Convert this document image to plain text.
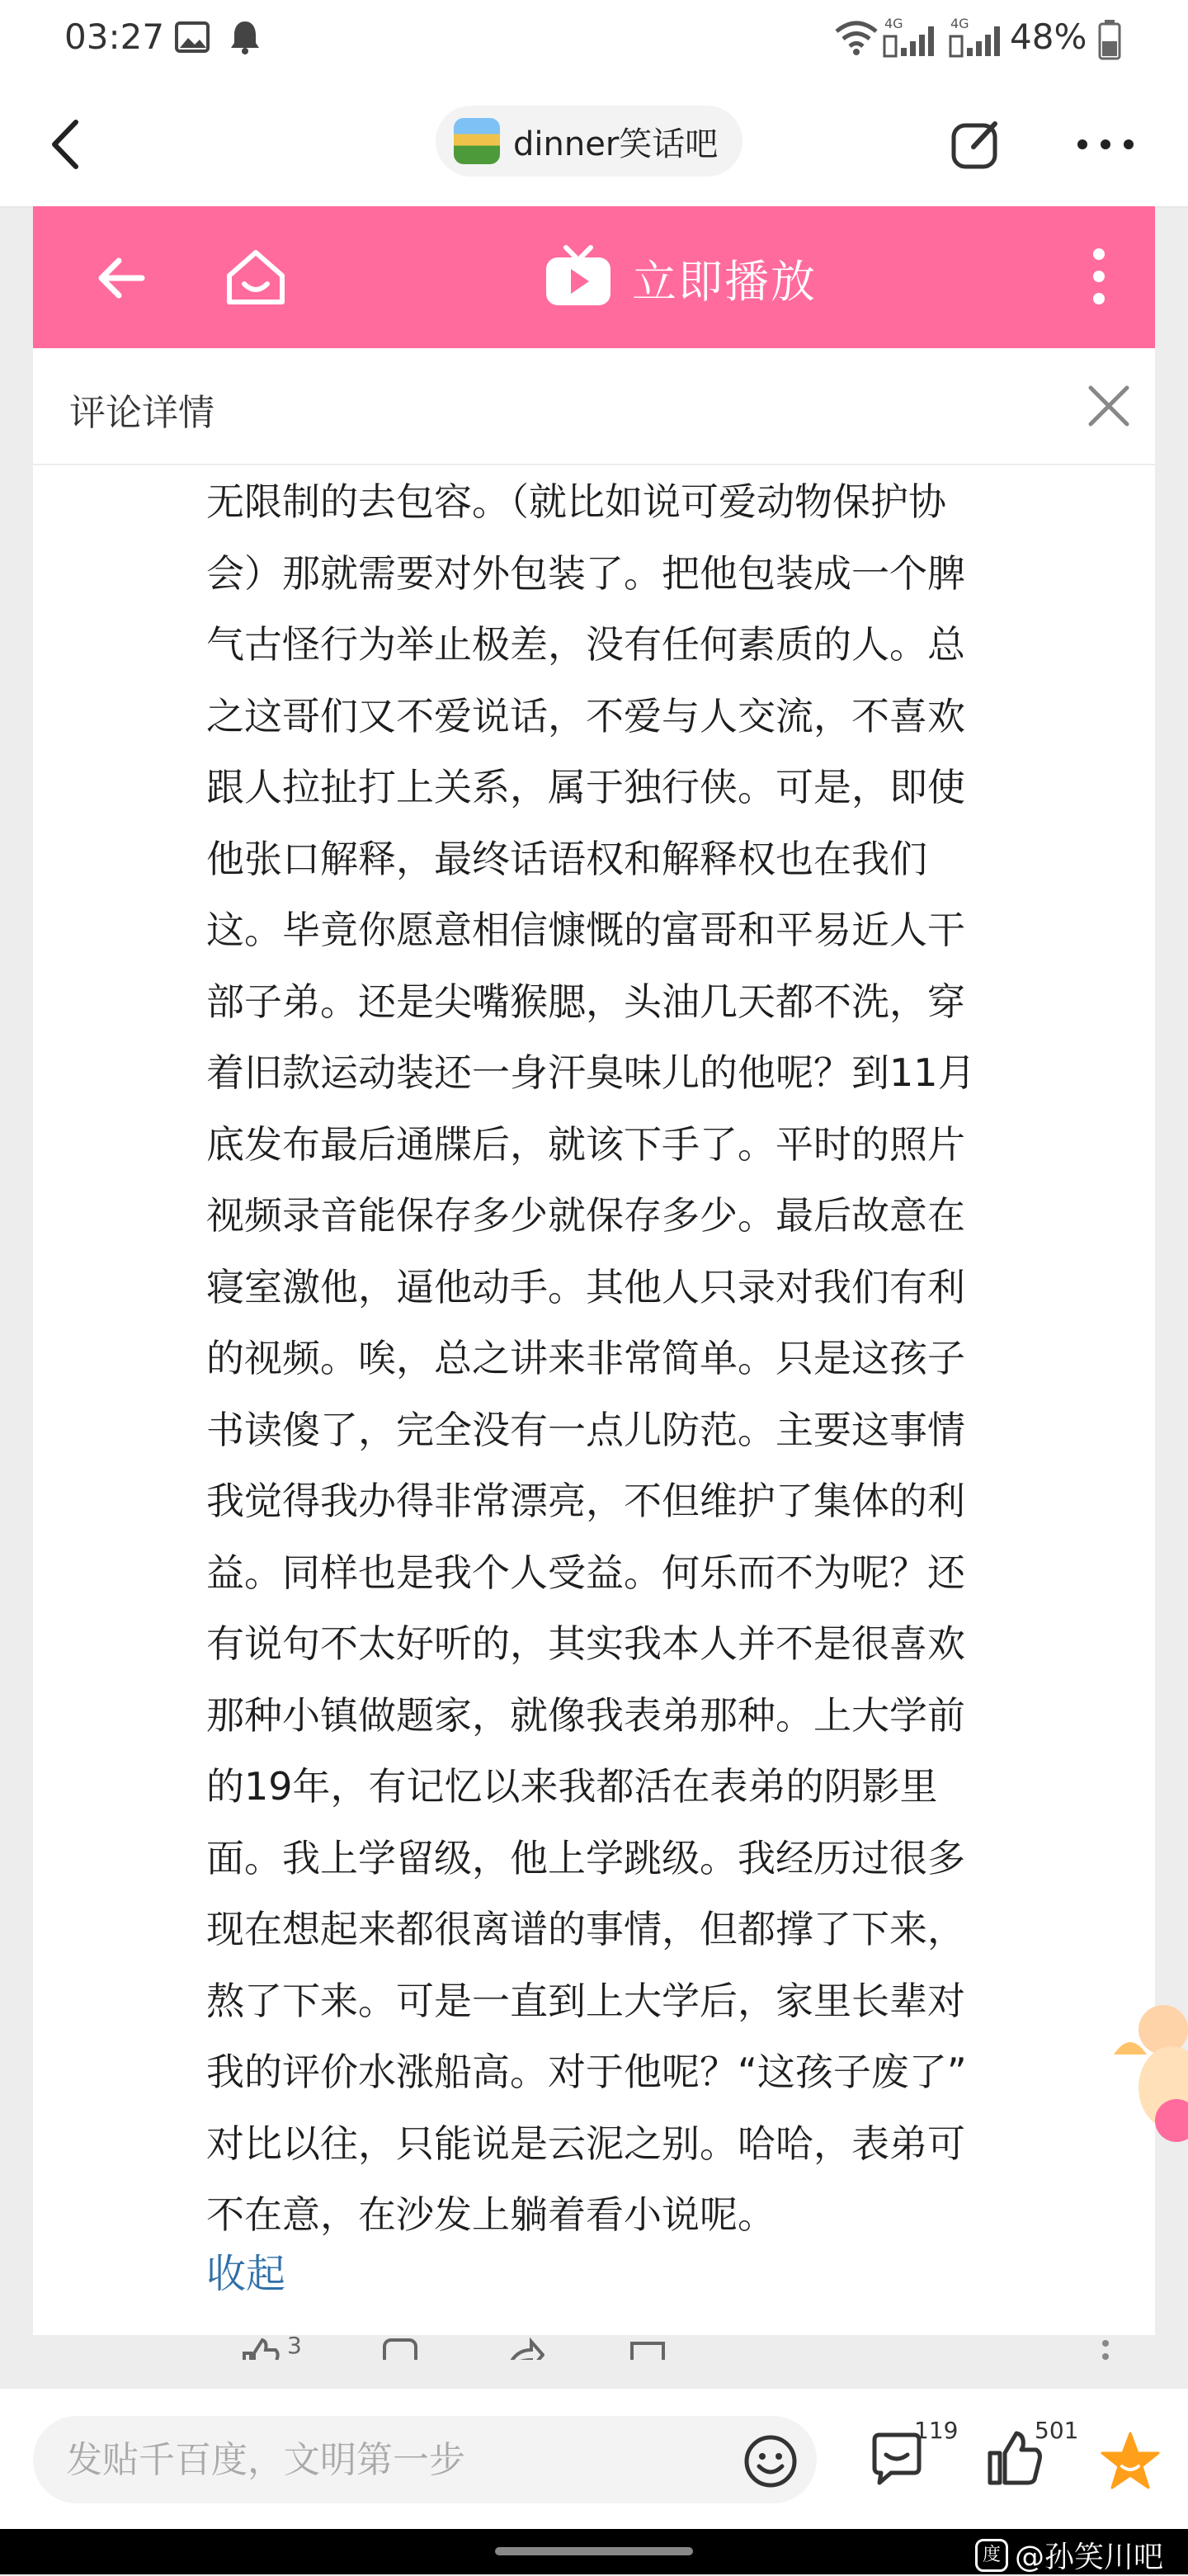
03:27	4G	4G 48%
dinner笑话吧
立即播放
评论详情

无限制的去包容。（就比如说可爱动物保护协
会）那就需要对外包装了。把他包装成一个脾
气古怪行为举止极差，没有任何素质的人。总
之这哥们又不爱说话，不爱与人交流，不喜欢
跟人拉扯打上关系，属于独行侠。可是，即使
他张口解释，最终话语权和解释权也在我们
这。毕竟你愿意相信慷慨的富哥和平易近人干
部子弟。还是尖嘴猴腮，头油几天都不洗，穿
着旧款运动装还一身汗臭味儿的他呢？到11月
底发布最后通牒后，就该下手了。平时的照片
视频录音能保存多少就保存多少。最后故意在
寝室激他，逼他动手。其他人只录对我们有利
的视频。唉，总之讲来非常简单。只是这孩子
书读傻了，完全没有一点儿防范。主要这事情
我觉得我办得非常漂亮，不但维护了集体的利
益。同样也是我个人受益。何乐而不为呢？还
有说句不太好听的，其实我本人并不是很喜欢
那种小镇做题家，就像我表弟那种。上大学前
的19年，有记忆以来我都活在表弟的阴影里
面。我上学留级，他上学跳级。我经历过很多
现在想起来都很离谱的事情，但都撑了下来，
熬了下来。可是一直到上大学后，家里长辈对
我的评价水涨船高。对于他呢？“这孩子废了”
对比以往，只能说是云泥之别。哈哈，表弟可
不在意，在沙发上躺着看小说呢。

收起
3
发贴千百度，文明第一步
119	501
度 @孙笑川吧
